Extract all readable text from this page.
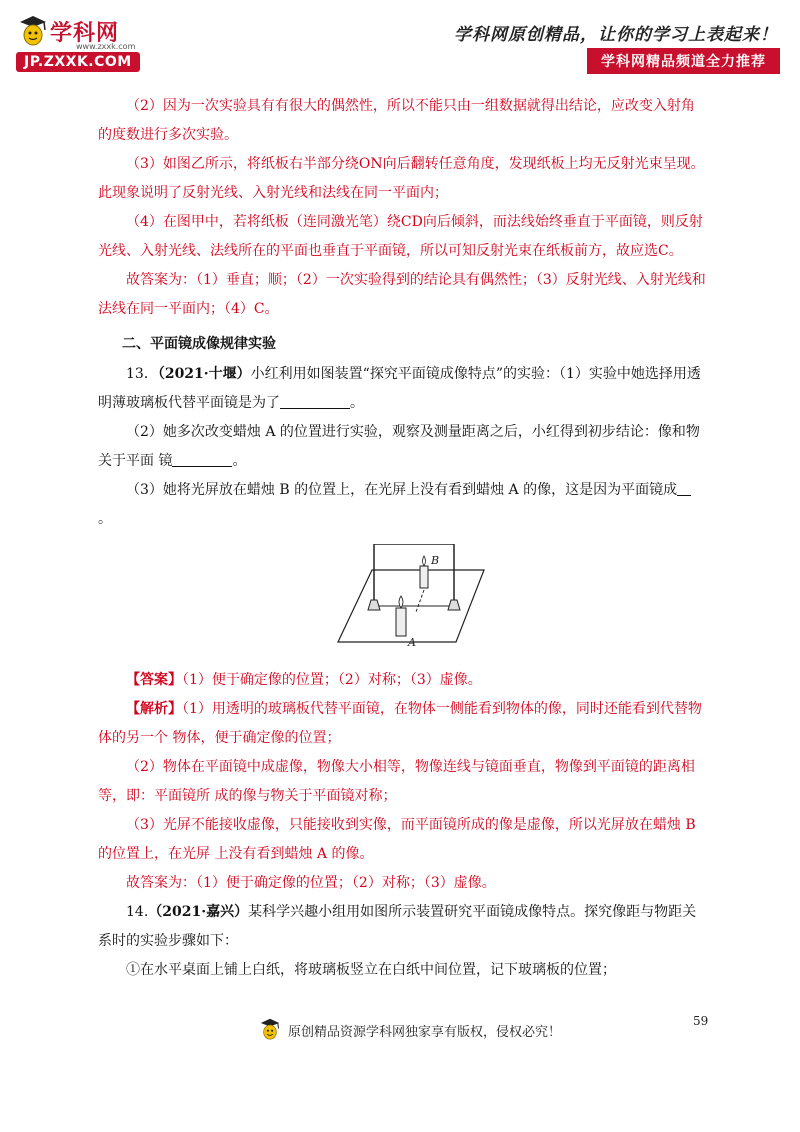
学科网
www.zxxk.com
JP.ZXXK.COM
学科网原创精品，让你的学习上表起来！
学科网精品频道全力推荐

（2）因为一次实验具有有很大的偶然性，所以不能只由一组数据就得出结论，应改变入射角的度数进行多次实验。

（3）如图乙所示，将纸板右半部分绕ON向后翻转任意角度，发现纸板上均无反射光束呈现。此现象说明了反射光线、入射光线和法线在同一平面内；

（4）在图甲中，若将纸板（连同激光笔）绕CD向后倾斜，而法线始终垂直于平面镜，则反射光线、入射光线、法线所在的平面也垂直于平面镜，所以可知反射光束在纸板前方，故应选C。

故答案为：（1）垂直；顺；（2）一次实验得到的结论具有偶然性；（3）反射光线、入射光线和法线在同一平面内；（4）C。

二、平面镜成像规律实验

13．（2021·十堰）小红利用如图装置“探究平面镜成像特点”的实验：（1）实验中她选择用透明薄玻璃板代替平面镜是为了	。

（2）她多次改变蜡烛 A 的位置进行实验，观察及测量距离之后，小红得到初步结论：像和物关于平面 镜	。

（3）她将光屏放在蜡烛 B 的位置上，在光屏上没有看到蜡烛 A 的像，这是因为平面镜成
。

B
A

【答案】（1）便于确定像的位置；（2）对称；（3）虚像。

【解析】（1）用透明的玻璃板代替平面镜，在物体一侧能看到物体的像，同时还能看到代替物体的另一个 物体，便于确定像的位置；

（2）物体在平面镜中成虚像，物像大小相等，物像连线与镜面垂直，物像到平面镜的距离相等，即：平面镜所 成的像与物关于平面镜对称；

（3）光屏不能接收虚像，只能接收到实像，而平面镜所成的像是虚像，所以光屏放在蜡烛 B 的位置上，在光屏 上没有看到蜡烛 A 的像。

故答案为：（1）便于确定像的位置；（2）对称；（3）虚像。

14.（2021·嘉兴）某科学兴趣小组用如图所示装置研究平面镜成像特点。探究像距与物距关系时的实验步骤如下：

①在水平桌面上铺上白纸，将玻璃板竖立在白纸中间位置，记下玻璃板的位置；

59
原创精品资源学科网独家享有版权，侵权必究！
